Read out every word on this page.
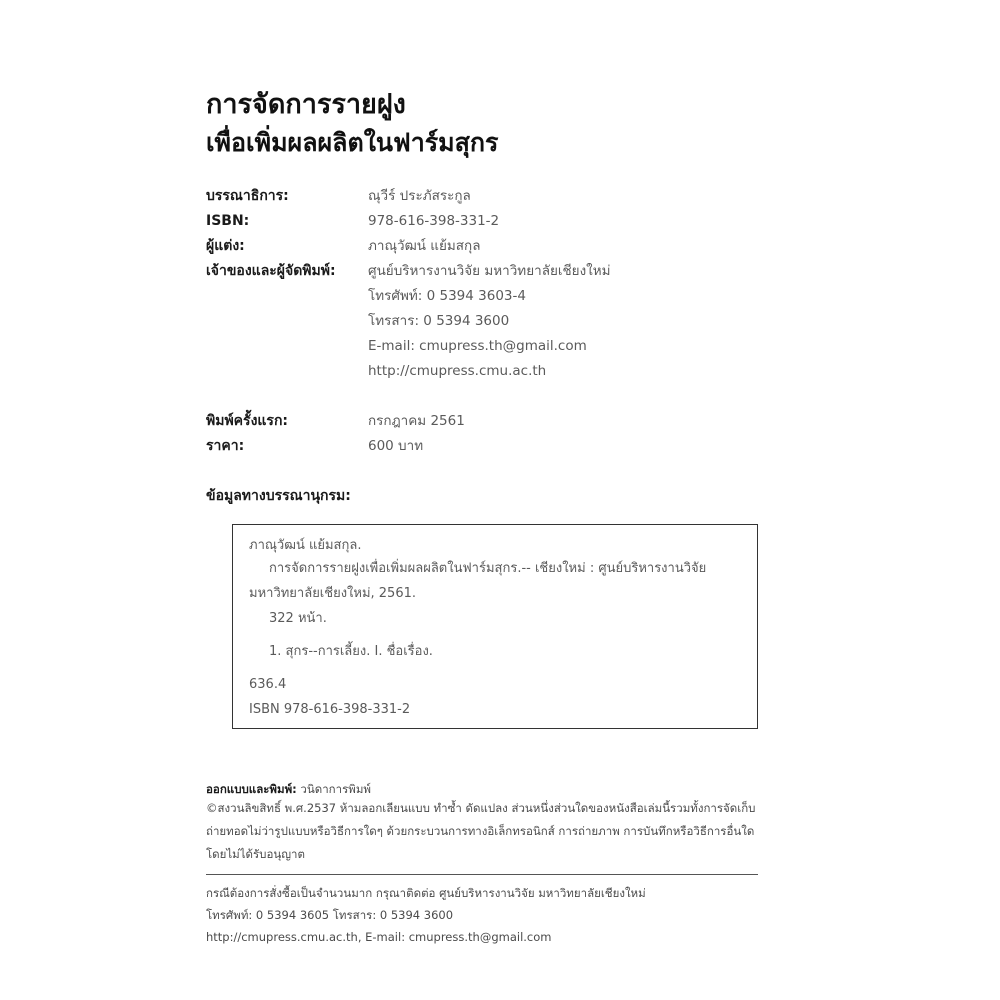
การจัดการรายฝูง
เพื่อเพิ่มผลผลิตในฟาร์มสุกร
บรรณาธิการ:	ณุวีร์ ประภัสระกูล
ISBN:	978-616-398-331-2
ผู้แต่ง:	ภาณุวัฒน์ แย้มสกุล
เจ้าของและผู้จัดพิมพ์: ศูนย์บริหารงานวิจัย มหาวิทยาลัยเชียงใหม่
โทรศัพท์: 0 5394 3603-4
โทรสาร: 0 5394 3600
E-mail: cmupress.th@gmail.com
http://cmupress.cmu.ac.th
พิมพ์ครั้งแรก:	กรกฎาคม 2561
ราคา:	600 บาท
ข้อมูลทางบรรณานุกรม:
ภาณุวัฒน์ แย้มสกุล.
การจัดการรายฝูงเพื่อเพิ่มผลผลิตในฟาร์มสุกร.-- เชียงใหม่ : ศูนย์บริหารงานวิจัย
มหาวิทยาลัยเชียงใหม่, 2561.
322 หน้า.
1. สุกร--การเลี้ยง. I. ชื่อเรื่อง.
636.4
ISBN 978-616-398-331-2
ออกแบบและพิมพ์: วนิดาการพิมพ์
©สงวนลิขสิทธิ์ พ.ศ.2537 ห้ามลอกเลียนแบบ ทำซ้ำ ดัดแปลง ส่วนหนึ่งส่วนใดของหนังสือเล่มนี้รวมทั้งการจัดเก็บ
ถ่ายทอดไม่ว่ารูปแบบหรือวิธีการใดๆ ด้วยกระบวนการทางอิเล็กทรอนิกส์ การถ่ายภาพ การบันทึกหรือวิธีการอื่นใด
โดยไม่ได้รับอนุญาต
กรณีต้องการสั่งซื้อเป็นจำนวนมาก กรุณาติดต่อ ศูนย์บริหารงานวิจัย มหาวิทยาลัยเชียงใหม่
โทรศัพท์: 0 5394 3605 โทรสาร: 0 5394 3600
http://cmupress.cmu.ac.th, E-mail: cmupress.th@gmail.com
